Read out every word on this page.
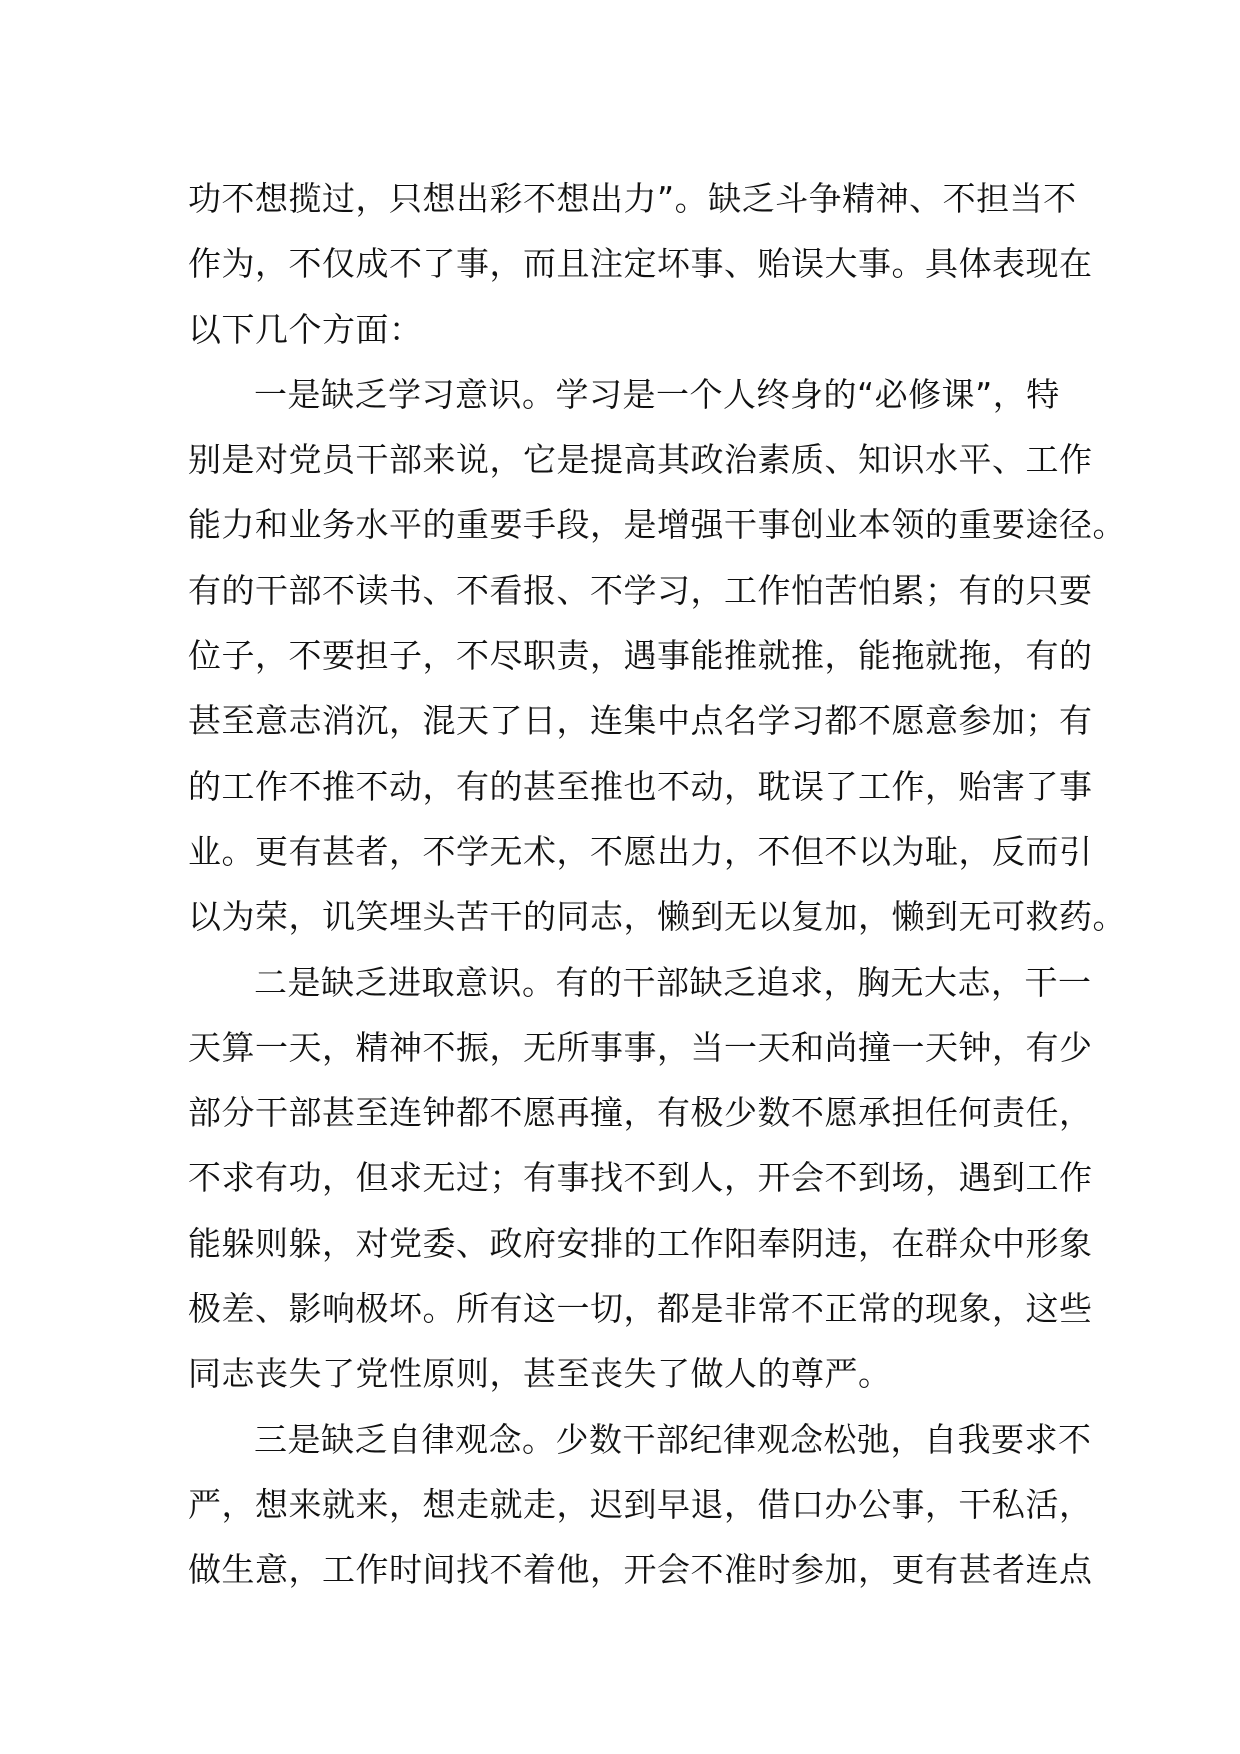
功不想揽过，只想出彩不想出力”。缺乏斗争精神、不担当不
作为，不仅成不了事，而且注定坏事、贻误大事。具体表现在
以下几个方面：
一是缺乏学习意识。学习是一个人终身的“必修课”，特
别是对党员干部来说，它是提高其政治素质、知识水平、工作
能力和业务水平的重要手段，是增强干事创业本领的重要途径。
有的干部不读书、不看报、不学习，工作怕苦怕累；有的只要
位子，不要担子，不尽职责，遇事能推就推，能拖就拖，有的
甚至意志消沉，混天了日，连集中点名学习都不愿意参加；有
的工作不推不动，有的甚至推也不动，耽误了工作，贻害了事
业。更有甚者，不学无术，不愿出力，不但不以为耻，反而引
以为荣，讥笑埋头苦干的同志，懒到无以复加，懒到无可救药。
二是缺乏进取意识。有的干部缺乏追求，胸无大志，干一
天算一天，精神不振，无所事事，当一天和尚撞一天钟，有少
部分干部甚至连钟都不愿再撞，有极少数不愿承担任何责任，
不求有功，但求无过；有事找不到人，开会不到场，遇到工作
能躲则躲，对党委、政府安排的工作阳奉阴违，在群众中形象
极差、影响极坏。所有这一切，都是非常不正常的现象，这些
同志丧失了党性原则，甚至丧失了做人的尊严。
三是缺乏自律观念。少数干部纪律观念松弛，自我要求不
严，想来就来，想走就走，迟到早退，借口办公事，干私活，
做生意，工作时间找不着他，开会不准时参加，更有甚者连点
